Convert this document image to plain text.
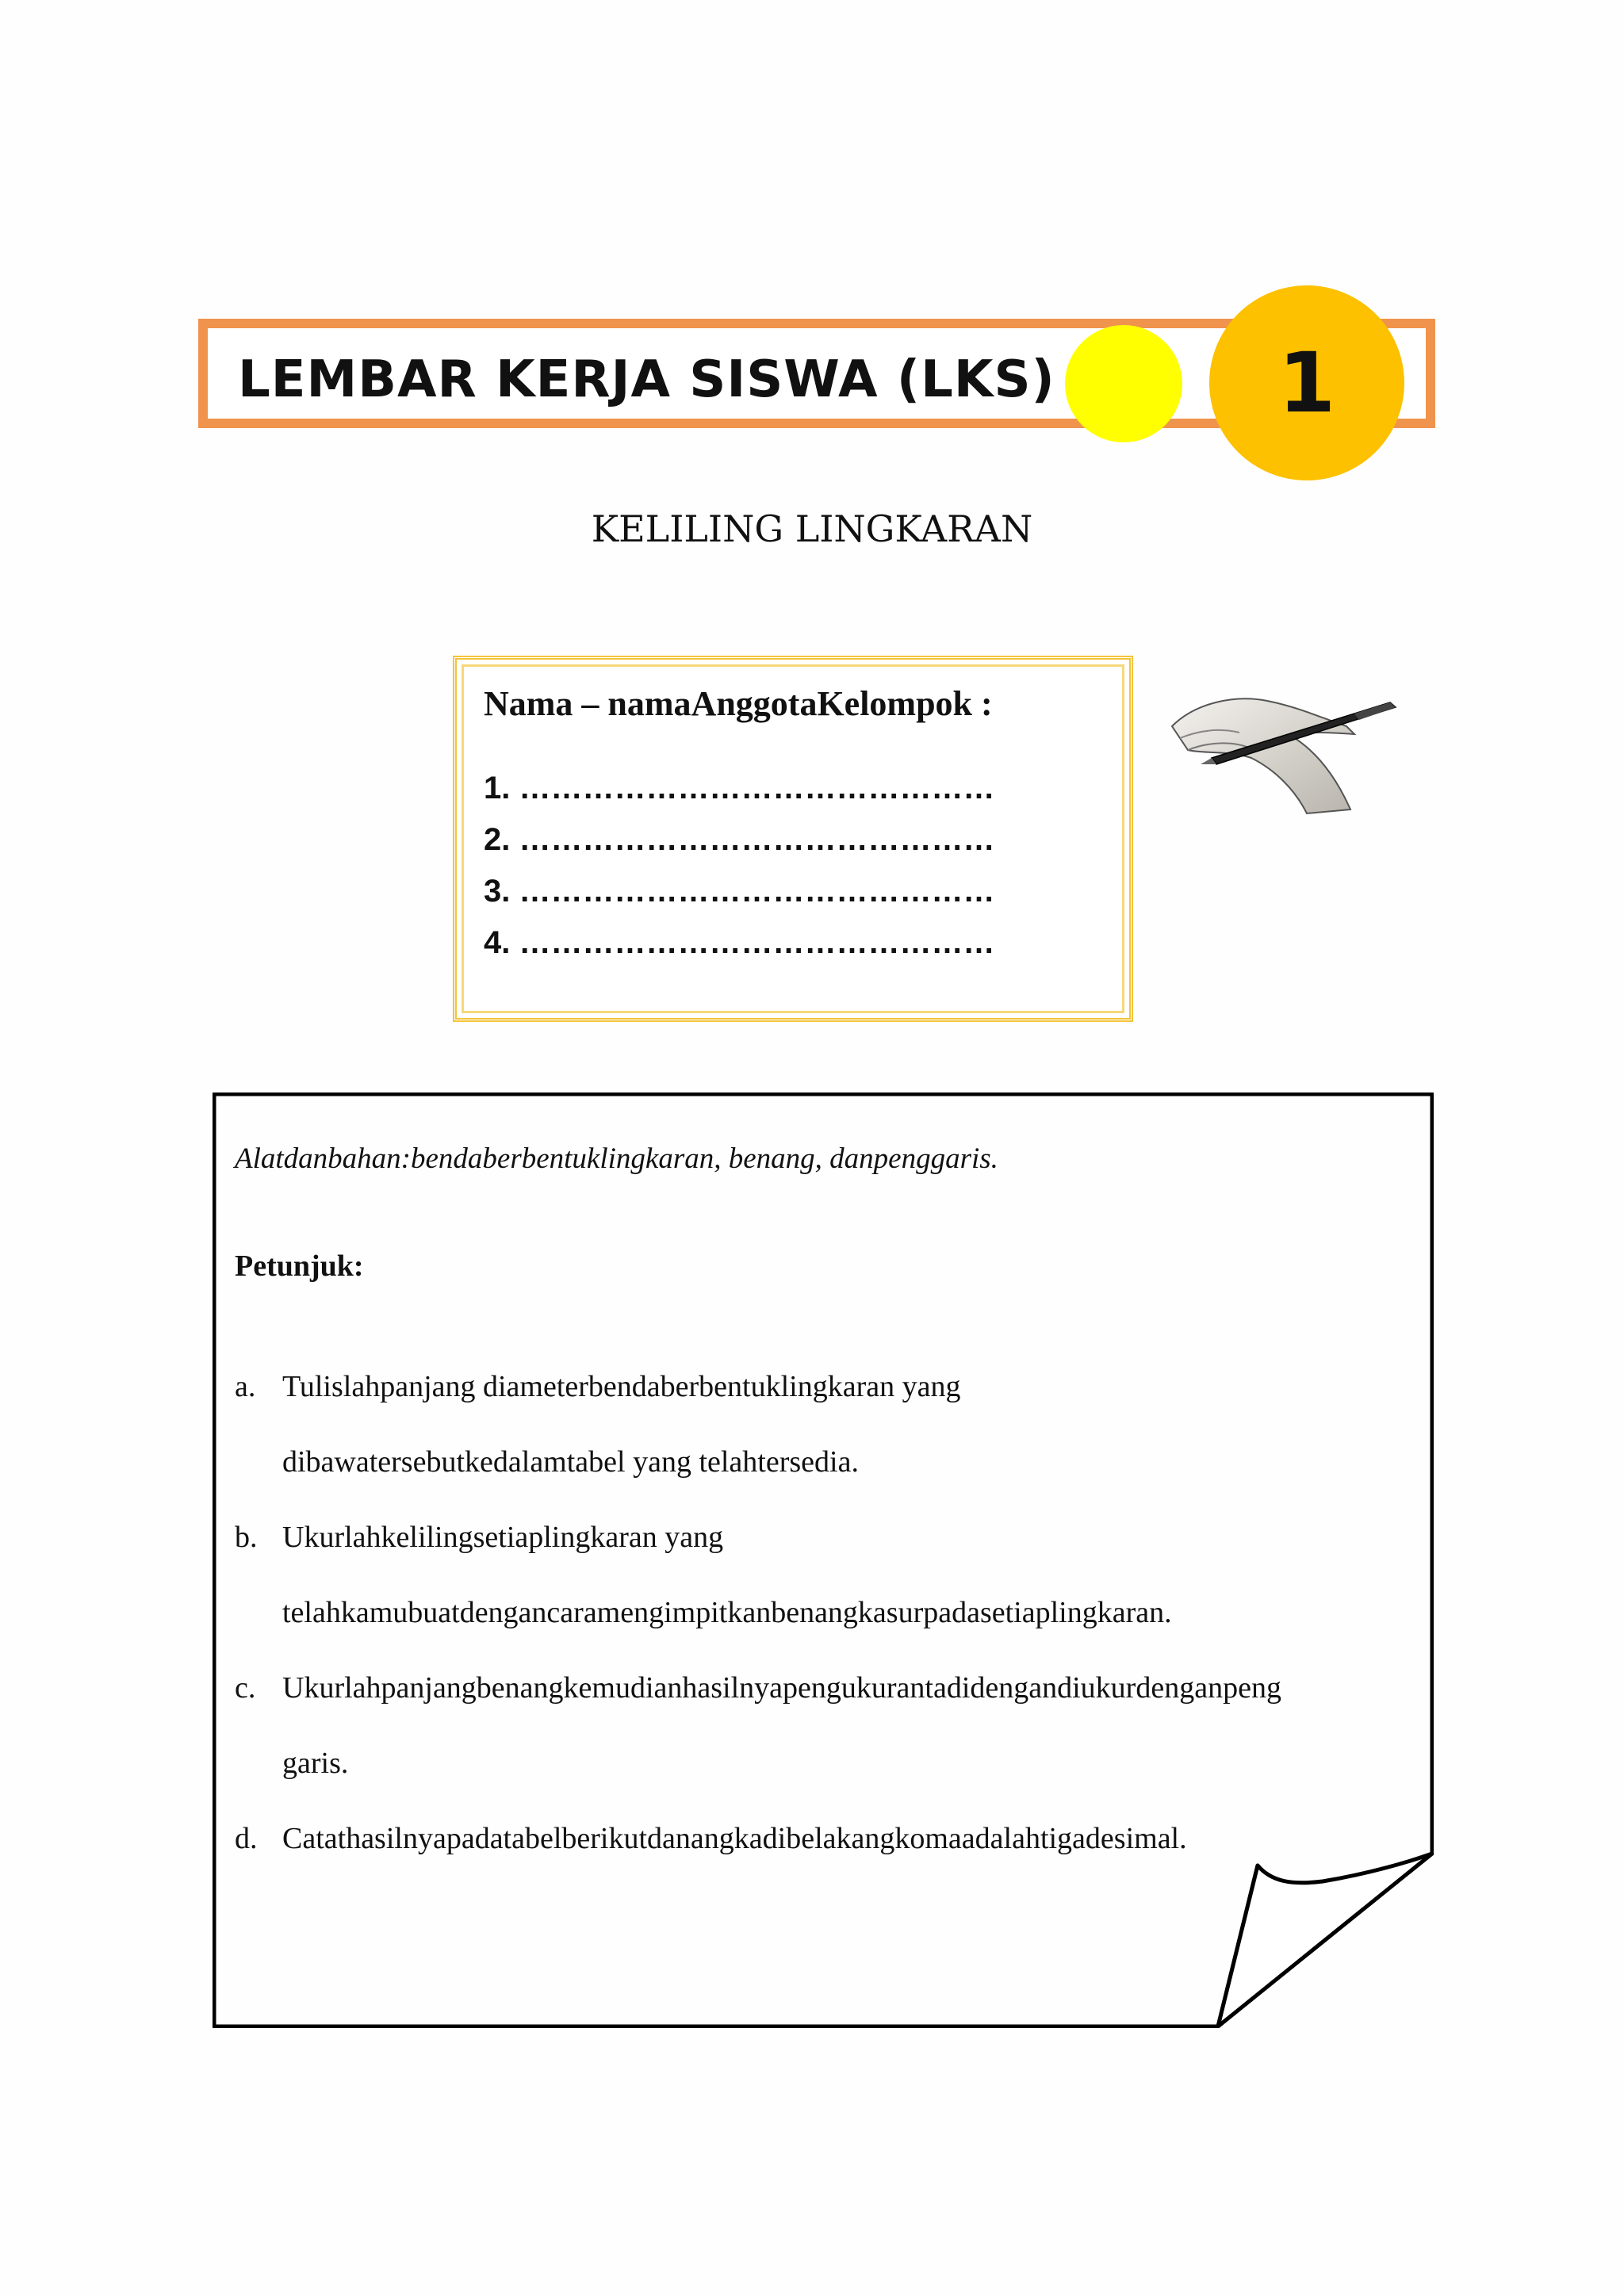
LEMBAR KERJA SISWA (LKS)	1
KELILING LINGKARAN
Nama – namaAnggotaKelompok :
1. ………………………………………
2. ………………………………………
3. ………………………………………
4. ………………………………………

Alatdanbahan:bendaberbentuklingkaran, benang, danpenggaris.

Petunjuk:
a. Tulislahpanjang diameterbendaberbentuklingkaran yang
dibawatersebutkedalamtabel yang telahtersedia.
b. Ukurlahkelilingsetiaplingkaran yang
telahkamubuatdengancaramengimpitkanbenangkasurpadasetiaplingkaran.
c. Ukurlahpanjangbenangkemudianhasilnyapengukurantadidengandiukurdenganpeng
garis.
d. Catathasilnyapadatabelberikutdanangkadibelakangkomaadalahtigadesimal.
